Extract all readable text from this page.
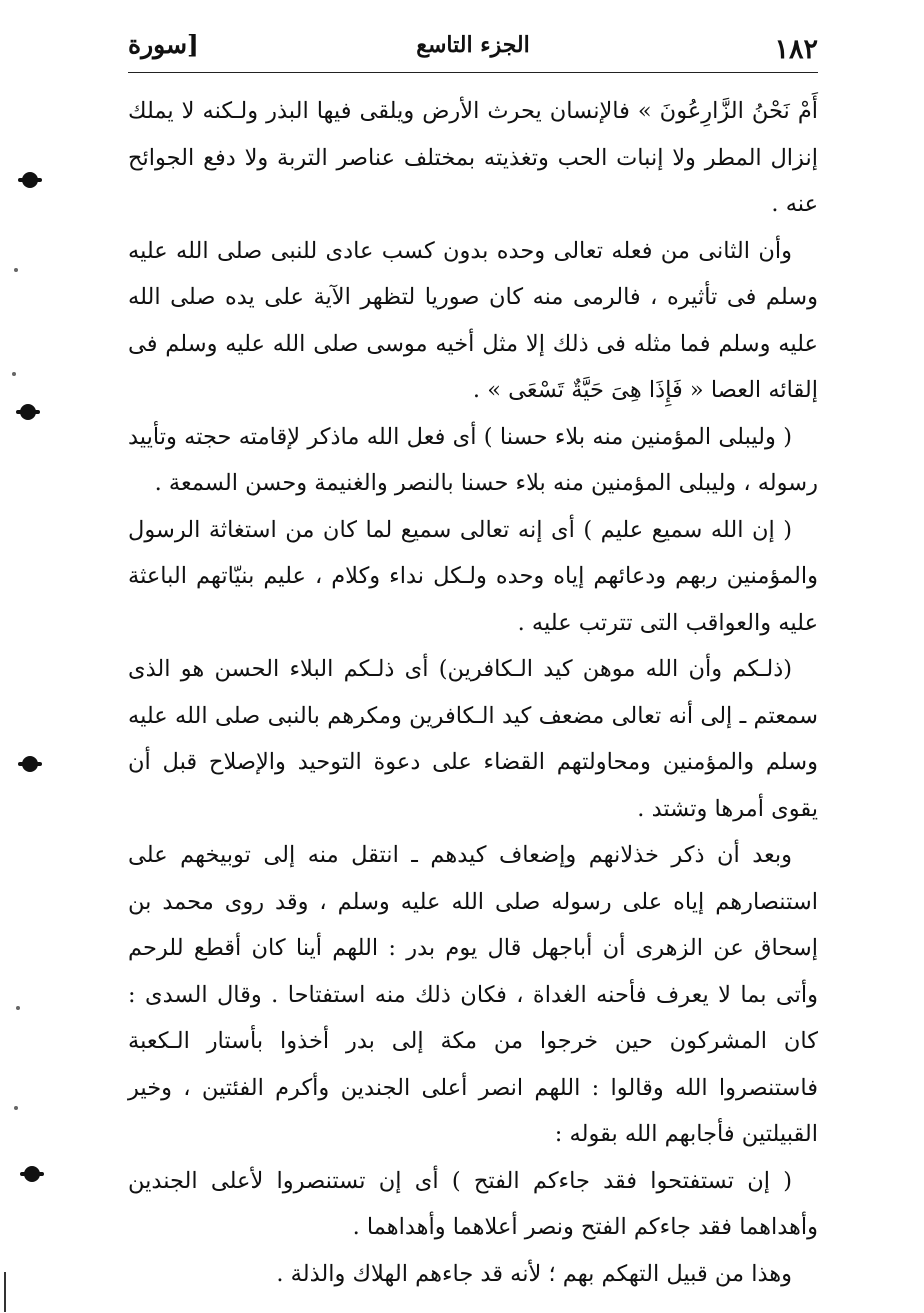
١٨٢
الجزء التاسع
[سورة

أَمْ نَحْنُ الزَّارِعُونَ » فالإنسان يحرث الأرض ويلقى فيها البذر ولـكنه لا يملك إنزال المطر ولا إنبات الحب وتغذيته بمختلف عناصر التربة ولا دفع الجوائح عنه .

وأن الثانى من فعله تعالى وحده بدون كسب عادى للنبى صلى الله عليه وسلم فى تأثيره ، فالرمى منه كان صوريا لتظهر الآية على يده صلى الله عليه وسلم فما مثله فى ذلك إلا مثل أخيه موسى صلى الله عليه وسلم فى إلقائه العصا « فَإِذَا هِىَ حَيَّةٌ تَسْعَى » .

( وليبلى المؤمنين منه بلاء حسنا ) أى فعل الله ماذكر لإقامته حجته وتأييد رسوله ، وليبلى المؤمنين منه بلاء حسنا بالنصر والغنيمة وحسن السمعة .

( إن الله سميع عليم ) أى إنه تعالى سميع لما كان من استغاثة الرسول والمؤمنين ربهم ودعائهم إياه وحده ولـكل نداء وكلام ، عليم بنيّاتهم الباعثة عليه والعواقب التى تترتب عليه .

(ذلـكم وأن الله موهن كيد الـكافرين) أى ذلـكم البلاء الحسن هو الذى سمعتم ـ إلى أنه تعالى مضعف كيد الـكافرين ومكرهم بالنبى صلى الله عليه وسلم والمؤمنين ومحاولتهم القضاء على دعوة التوحيد والإصلاح قبل أن يقوى أمرها وتشتد .

وبعد أن ذكر خذلانهم وإضعاف كيدهم ـ انتقل منه إلى توبيخهم على استنصارهم إياه على رسوله صلى الله عليه وسلم ، وقد روى محمد بن إسحاق عن الزهرى أن أباجهل قال يوم بدر : اللهم أينا كان أقطع للرحم وأتى بما لا يعرف فأحنه الغداة ، فكان ذلك منه استفتاحا . وقال السدى : كان المشركون حين خرجوا من مكة إلى بدر أخذوا بأستار الـكعبة فاستنصروا الله وقالوا : اللهم انصر أعلى الجندين وأكرم الفئتين ، وخير القبيلتين فأجابهم الله بقوله :

( إن تستفتحوا فقد جاءكم الفتح ) أى إن تستنصروا لأعلى الجندين وأهداهما فقد جاءكم الفتح ونصر أعلاهما وأهداهما .

وهذا من قبيل التهكم بهم ؛ لأنه قد جاءهم الهلاك والذلة .
